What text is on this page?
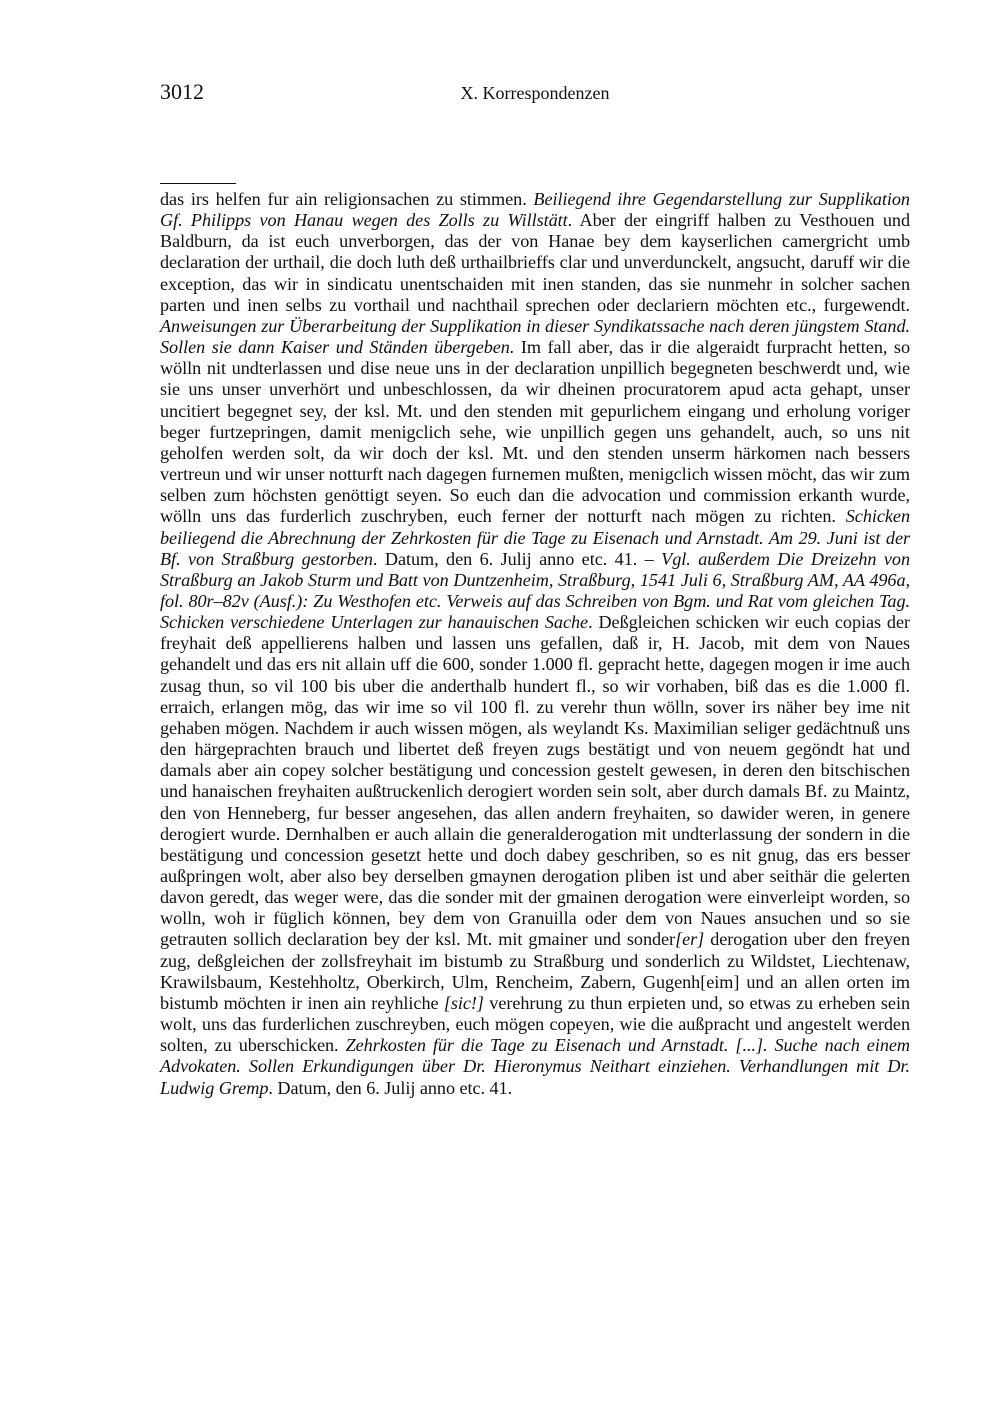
3012	X. Korrespondenzen

das irs helfen fur ain religionsachen zu stimmen. Beiliegend ihre Gegendarstellung zur Supplikation Gf. Philipps von Hanau wegen des Zolls zu Willstätt. Aber der eingriff halben zu Vesthouen und Baldburn, da ist euch unverborgen, das der von Hanae bey dem kayserlichen camergricht umb declaration der urthail, die doch luth deß urthailbrieffs clar und unverdunckelt, angsucht, daruff wir die exception, das wir in sindicatu unentschaiden mit inen standen, das sie nunmehr in solcher sachen parten und inen selbs zu vorthail und nachthail sprechen oder declariern möchten etc., furgewendt. Anweisungen zur Überarbeitung der Supplikation in dieser Syndikatssache nach deren jüngstem Stand. Sollen sie dann Kaiser und Ständen übergeben. Im fall aber, das ir die algeraidt furpracht hetten, so wölln nit undterlassen und dise neue uns in der declaration unpillich begegneten beschwerdt und, wie sie uns unser unverhört und unbeschlossen, da wir dheinen procuratorem apud acta gehapt, unser uncitiert begegnet sey, der ksl. Mt. und den stenden mit gepurlichem eingang und erholung voriger beger furtzepringen, damit menigclich sehe, wie unpillich gegen uns gehandelt, auch, so uns nit geholfen werden solt, da wir doch der ksl. Mt. und den stenden unserm härkomen nach bessers vertreun und wir unser notturft nach dagegen furnemen mußten, menigclich wissen möcht, das wir zum selben zum höchsten genöttigt seyen. So euch dan die advocation und commission erkanth wurde, wölln uns das furderlich zuschryben, euch ferner der notturft nach mögen zu richten. Schicken beiliegend die Abrechnung der Zehrkosten für die Tage zu Eisenach und Arnstadt. Am 29. Juni ist der Bf. von Straßburg gestorben. Datum, den 6. Julij anno etc. 41. – Vgl. außerdem Die Dreizehn von Straßburg an Jakob Sturm und Batt von Duntzenheim, Straßburg, 1541 Juli 6, Straßburg AM, AA 496a, fol. 80r–82v (Ausf.): Zu Westhofen etc. Verweis auf das Schreiben von Bgm. und Rat vom gleichen Tag. Schicken verschiedene Unterlagen zur hanauischen Sache. Deßgleichen schicken wir euch copias der freyhait deß appellierens halben und lassen uns gefallen, daß ir, H. Jacob, mit dem von Naues gehandelt und das ers nit allain uff die 600, sonder 1.000 fl. gepracht hette, dagegen mogen ir ime auch zusag thun, so vil 100 bis uber die anderthalb hundert fl., so wir vorhaben, biß das es die 1.000 fl. erraich, erlangen mög, das wir ime so vil 100 fl. zu verehr thun wölln, sover irs näher bey ime nit gehaben mögen. Nachdem ir auch wissen mögen, als weylandt Ks. Maximilian seliger gedächtnuß uns den härgeprachten brauch und libertet deß freyen zugs bestätigt und von neuem gegöndt hat und damals aber ain copey solcher bestätigung und concession gestelt gewesen, in deren den bitschischen und hanaischen freyhaiten außtruckenlich derogiert worden sein solt, aber durch damals Bf. zu Maintz, den von Henneberg, fur besser angesehen, das allen andern freyhaiten, so dawider weren, in genere derogiert wurde. Dernhalben er auch allain die generalderogation mit undterlassung der sondern in die bestätigung und concession gesetzt hette und doch dabey geschriben, so es nit gnug, das ers besser außpringen wolt, aber also bey derselben gmaynen derogation pliben ist und aber seithär die gelerten davon geredt, das weger were, das die sonder mit der gmainen derogation were einverleipt worden, so wolln, woh ir füglich können, bey dem von Granuilla oder dem von Naues ansuchen und so sie getrauten sollich declaration bey der ksl. Mt. mit gmainer und sonder[er] derogation uber den freyen zug, deßgleichen der zollsfreyhait im bistumb zu Straßburg und sonderlich zu Wildstet, Liechtenaw, Krawilsbaum, Kestehholtz, Oberkirch, Ulm, Rencheim, Zabern, Gugenh[eim] und an allen orten im bistumb möchten ir inen ain reyhliche [sic!] verehrung zu thun erpieten und, so etwas zu erheben sein wolt, uns das furderlichen zuschreyben, euch mögen copeyen, wie die außpracht und angestelt werden solten, zu uberschicken. Zehrkosten für die Tage zu Eisenach und Arnstadt. [...]. Suche nach einem Advokaten. Sollen Erkundigungen über Dr. Hieronymus Neithart einziehen. Verhandlungen mit Dr. Ludwig Gremp. Datum, den 6. Julij anno etc. 41.
